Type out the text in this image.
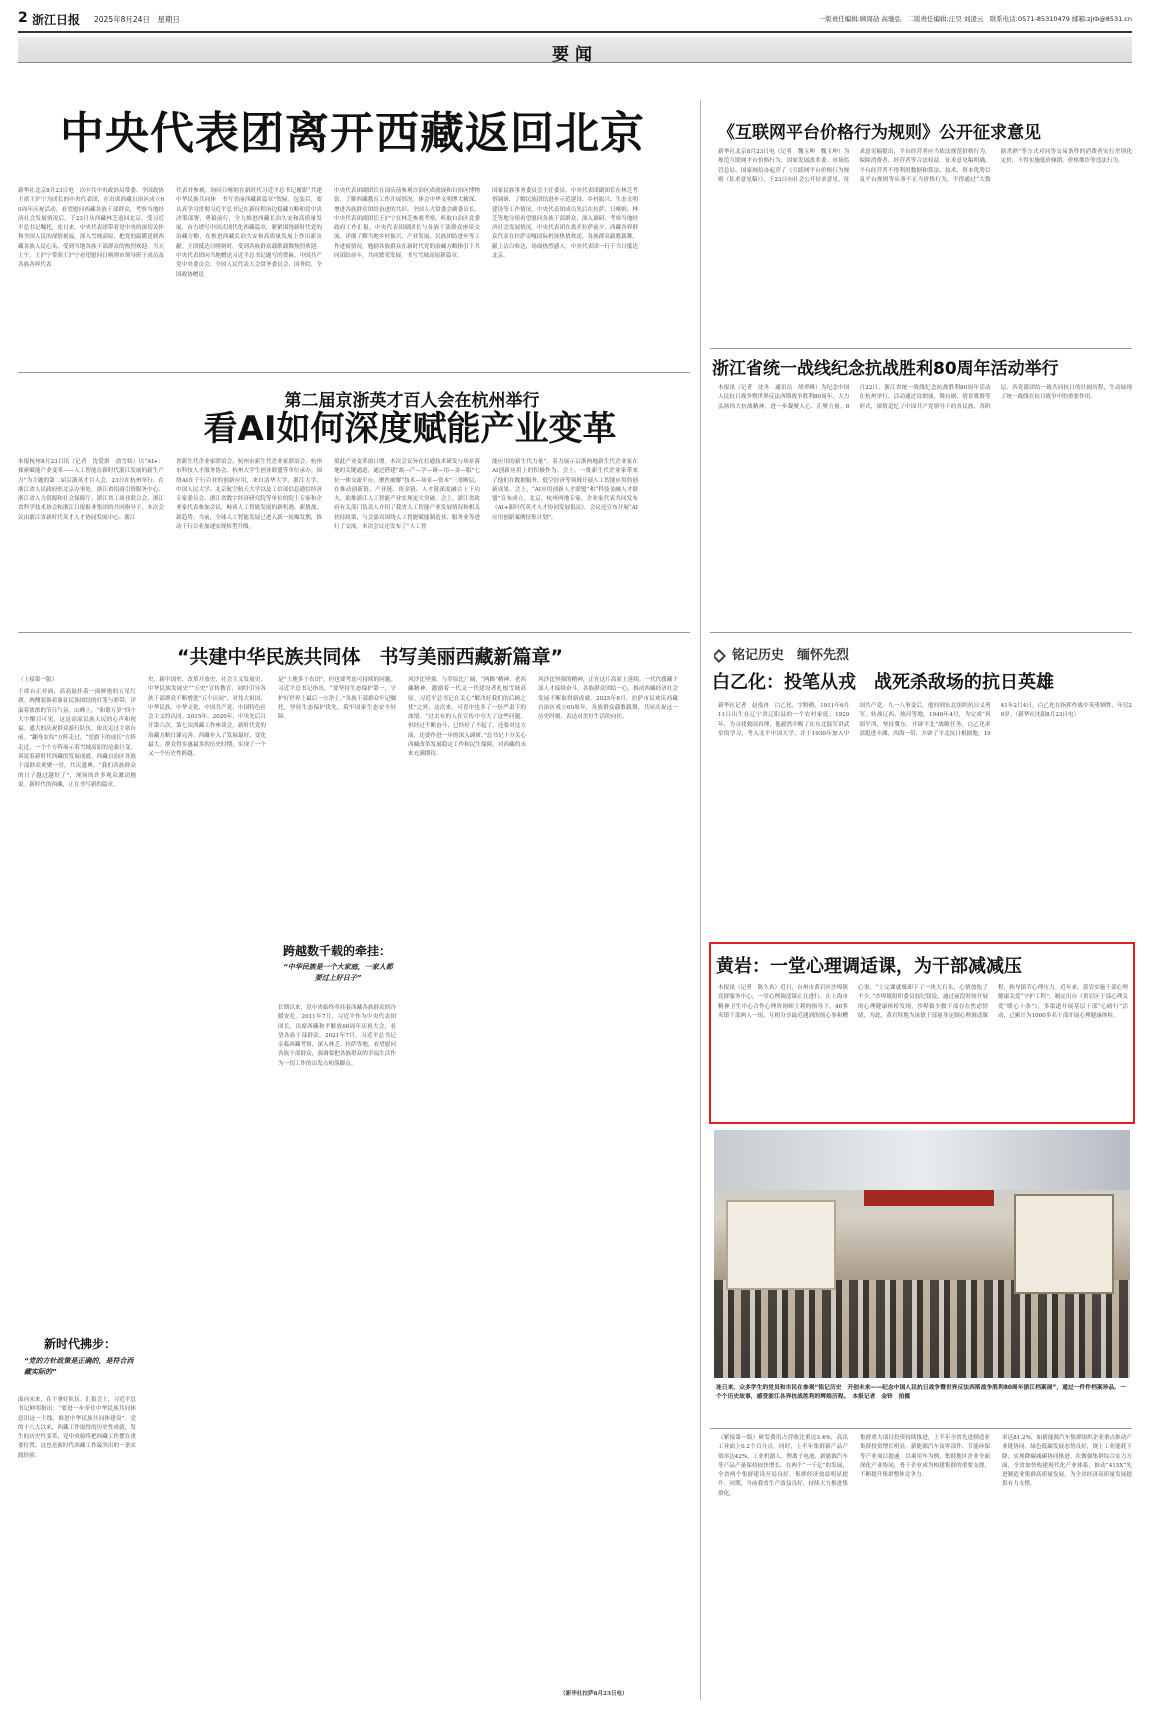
2 浙江日报 2025年8月24日　星期日	一版责任编辑:顾周劼 高驰弘　二版责任编辑:汪昊 刘凌云　联系电话:0571-85310479 邮箱:zjrb@8531.cn
要闻
中央代表团离开西藏返回北京
新华社北京8月23日电　以中共中央政治局常委、全国政协主席王沪宁为团长的中央代表团，在出席西藏自治区成立60周年庆祝活动，看望慰问西藏各族干部群众，考察当地经济社会发展情况后，于23日从西藏林芝返回北京。受习近平总书记嘱托，连日来，中央代表团带着党中央的深切关怀和全国人民的深情祝福，深入雪域高原，把党的温暖送到西藏各族人民心头，受到当地各族干部群众的热烈欢迎。当天上午，王沪宁带领王沪宁看望慰问日喀则市领导班子成员及各族各界代表
代表并参观，询问日喀则在新时代习近平总书记履职“共建中华民族共同体　书写美丽西藏新篇章”贺匾。包装后，要认真学习贯彻习近平总书记在新征程治边稳藏方略和党中央决策部署，勇毅前行，全力推进西藏长治久安和高质量发展，奋力谱写中国式现代化西藏篇章，紧紧围绕新时代党的治藏方略，在推进西藏长治久安和高质量发展上作出新贡献。主团抵达日喀则时，受到各族群众载歌载舞热烈欢迎。中央代表团向当地赠送习近平总书记题写的贺匾。中国共产党中央委员会、全国人民代表大会常务委员会、国务院、全国政协赠送
中央代表团副团长在国庆前参观自治区成就展和自治区博物馆。了解西藏教育工作开展情况。体会中华文明博大精深，增进各族群众团结奋进的共识。全国人大常委会副委员长、中央代表团副团长王沪宁在林芝参观考察，听取自治区党委政府工作汇报。中央代表团副团长与各族干部群众座谈交流。详细了解当地乡村振兴、产业发展、民族团结进步等工作进展情况，勉励各族群众在新时代党的治藏方略指引下共同团结奋斗，共同繁荣发展，书写雪域高原新篇章。
国家民族事务委员会主任委员、中央代表团副团长在林芝考察调研，了解民族团结进步示范建设、乡村振兴、生态文明建设等工作情况。中央代表团成员先后在拉萨、日喀则、林芝等地分组看望慰问各族干部群众，深入调研、考察当地经济社会发展情况。中央代表团在离开拉萨前夕，西藏各界群众代表在拉萨贡嘎国际机场热情欢送，各族群众载歌载舞，献上洁白哈达，场面热烈感人。中央代表团一行于当日抵达北京。
第二届京浙英才百人会在杭州举行
看AI如何深度赋能产业变革
本报杭州8月23日讯（记者　沈爱群　俞雪娇）以“AI+：探索赋能产业变革——人工智能在新时代浙江发展的新生产力”为主题的第二届京浙英才百人会，23日在杭州举行。在浙江省人民政府驻北京办事处、浙江省招商引资服务中心、浙江省人力资源和社会保障厅、浙江省工商业联合会、浙江省科学技术协会和浙江日报报业集团的共同指导下，本次会议由浙江省新时代英才人才协同发展中心、浙江
省新生代企业家联谊会、杭州市新生代企业家联谊会、杭州市科技人才服务协会、杭州大学生创业联盟等单位承办。围绕AI在千行百业的创新应用，来自清华大学、浙江大学、中国人民大学、北京航空航天大学以及工信部信息通信经济专家委员会、浙江省数字经济研究院等单位的院士专家和企业家代表参加会议，畅谈人工智能发展的新机遇、新挑战、新趋势。当前，全球人工智能发展已进入新一轮爆发期，推动千行百业加速实现转型升级。
值此产业变革窗口期，本次会议旨在打通技术研发与场景落地的关键通道，通过搭建“政—产—学—研—用—金—服”七位一体交流平台，聚焦破解“技术—场景—资本”三重断层，在推动创新链、产业链、资金链、人才链深度融合上下功夫，助推浙江人工智能产业实现更大突破。会上，浙江省政府有关部门负责人介绍了我省人工智能产业发展情况和相关扶持政策，与会嘉宾围绕人工智能赋能制造业、服务业等进行了交流。本次会议还发布了“人工智
能应用的新生代力量”。着力展示京浙两地新生代企业家在AI创新应用上的积极作为。会上，一批新生代企业家带来了他们在数据服务、低空经济等领域开展人工智能应用的创新成果。会上，“AI应用创新人才联盟”和“科技金融人才联盟”宣布成立。北京、杭州两地专家、企业家代表共同发布《AI+新时代英才人才协同发展倡议》。会议还宣布开展“AI应用创新案例征集计划”。
“共建中华民族共同体　书写美丽西藏新篇章”
（上接第一版）
主席台正对面，高高悬挂着一面鲜艳的五星红旗。两侧装饰着象征民族团结的灯笼与彩带，洋溢着浓浓的节日气氛。山峰上，“和谐万岁”四个大字醒目可见，这是高原民族人民的心声和祝福。盛大的庆祝群众游行队伍，依次走过主席台前。“翻身农奴”方阵走过，“党旗下的成长”方阵走过，一个个方阵展示着雪域高原的沧桑巨变，诉说着新时代西藏的发展成就。西藏自治区各族干部群众欢聚一堂，共庆盛典。“我们各族群众的日子越过越好了”，现场的许多观众激动地说。新时代的西藏，正在书写新的篇章。
史、新中国史、改革开放史、社会主义发展史、中华民族发展史”“五史”宣传教育，同时引导各族干部群众不断增进“五个认同”，对伟大祖国、中华民族、中华文化、中国共产党、中国特色社会主义的认同。2015年、2020年，中央先后召开第六次、第七次西藏工作座谈会，新时代党的治藏方略日臻完善。西藏步入了发展最好、变化最大、群众得实惠最多的历史时期，实现了一个又一个历史性跨越。
是“土地多于农田”，但也要考虑可持续的问题。习近平总书记指出，“要坚持生态保护第一，守护好世界上最后一方净土。”各族干部群众牢记嘱托，坚持生态保护优先，筑牢国家生态安全屏障。
跨越数千载的牵挂：
“中华民族是一个大家庭，一家人都要过上好日子”
长期以来，党中央始终牵挂着西藏各族群众的冷暖安危。2011年7月，习近平作为中央代表团团长，出席西藏和平解放60周年庆祝大会，看望各族干部群众。2021年7月，习近平总书记亲临西藏考察，深入林芝、拉萨等地，看望慰问各族干部群众，强调要把各族群众的幸福生活作为一切工作的出发点和落脚点。
风沙比坚强，与草原比广阔，“两路”精神、老西藏精神，激励着一代又一代建设者扎根雪域高原。习近平总书记在关心“解决好我们的后顾之忧”之外，这次来，可喜中也多了一份严肃下的深情。“过去有的人在宣传中夸大了这些问题，但经过不断奋斗，已经好了不起了，还要对这方面，还要作进一步的深入调研。”总书记十分关心西藏改革发展稳定工作和民生保障，对西藏的未来充满期待。
风沙比坚强的精神，正在这片高原上延续。一代代援藏干部人才接续奋斗，各族群众团结一心，推动西藏经济社会发展不断取得新成就。2025年8月，拉萨市民欢庆西藏自治区成立60周年，各族群众载歌载舞，共同庆祝这一历史时刻，表达对美好生活的向往。
新时代拂步：
“党的方针政策是正确的，是符合西藏实际的”
面向未来，在于拿好队伍。汇报会上，习近平总书记鲜明指出：“要进一步牵住中华民族共同体意识这一主线，推进中华民族共同体建设”。党的十八大以来，西藏工作取得的历史性成就，发生的历史性变革，党中央始终把西藏工作摆在重要位置。这也是新时代西藏工作最突出的一条实践经验。
（新华社拉萨8月23日电）
《互联网平台价格行为规则》公开征求意见
新华社北京8月23日电（记者　魏玉坤　魏玉坤）为规范互联网平台价格行为，国家发展改革委、市场监管总局、国家网信办起草了《互联网平台价格行为规则（征求意见稿）》，于23日向社会公开征求意见。征求意见稿提出，平台经营者应当依法规范价格行为，保障消费者、经营者等合法权益。征求意见稿明确，平台经营者不得利用数据和算法、技术、资本优势以及平台规则等从事不正当价格行为，不得通过“大数据杀熟”等方式对同等交易条件的消费者实行差别化定价，不得实施低价倾销、价格欺诈等违法行为。
浙江省统一战线纪念抗战胜利80周年活动举行
本报讯（记者　沈冬　通讯员　胡翠峰）为纪念中国人民抗日战争暨世界反法西斯战争胜利80周年，大力弘扬伟大抗战精神，进一步凝聚人心、汇聚力量，8月22日，浙江省统一战线纪念抗战胜利80周年活动在杭州举行。活动通过诗朗诵、舞台剧、情景歌舞等形式，深情追忆了中国共产党领导下的各民族、各阶层、各党派团结一致共同抗日的壮阔历程，生动展现了统一战线在抗日战争中的重要作用。
铭记历史　缅怀先烈
白乙化：投笔从戎　战死杀敌场的抗日英雄
新华社记者　赵泓冉　白乙化，字野鹤，1911年6月11日出生在辽宁省辽阳县的一个农村家庭。1929年，为寻找救国真理，他毅然中断了在东北陆军讲武堂的学习，考入北平中国大学，并于1930年加入中国共产党。九一八事变后，他回到东北组织抗日义勇军，转战辽西、热河等地。1940年4月，为完成“巩固平西，坚持冀东，开辟平北”战略任务，白乙化率部挺进丰滩、四海一带，开辟了平北抗日根据地。1941年2月4日，白乙化在指挥作战中英勇牺牲，年仅29岁。（新华社沈阳8月23日电）
黄岩：一堂心理调适课，为干部减减压
本报讯（记者　陈久名）近日，台州市黄岩区沙埠镇党群服务中心，一堂心理调适课正在进行。在上海市精神卫生中心合作心理咨询师王莉的指导下，40多名镇干部两人一组，互相分享最近遇到的烦心事和糟心事。“上完课就像卸下了一块大石头，心情放松了不少。”沙埠镇组织委员翁纪钗说。通过前段时间开展的心理健康体检发现，沙埠镇少数干部存在焦虑情绪，为此，黄岩特地为该镇干部量身定制心理调适课程，指导镇节心理压力。近年来，黄岩实施干部心理健康关爱“守护工程”，制定出台《黄岩区干部心理关爱“暖心十条”》，多渠道开展基层干部“心晴行”活动，已累计为1000多名干部开展心理健康体检。
连日来，众多学生的党员和市民在参观“铭记历史　开创未来——纪念中国人民抗日战争暨世界反法西斯战争胜利80周年浙江档案展”，通过一件件档案珍品、一个个历史故事，感受浙江各界抗战胜利的辉煌历程。　本报记者　金铃　拍摄
（紧接第一版）研发费用占营收比重达3.4%，高出工业面上0.2个百分点。同时，上半年集群新产品产值率达42%。工业机器人、锂离子电池、新能源汽车等产品产量保持较快增长。在两个“一千亿”的发展，全省两个集群建设开局良好，集群经济效益明显提升。同期，当前我省生产效益良好，持续大力推进集群化。
集群重大项目投资持续推进，上半年全省先进制造业集群投资增长明显。新能源汽车及零部件、节能环保等产业项目提速。以乘用车为例，集群地区企业全面深化产业协同，骨干企业成为构建集群的重要支撑，不断提升集群整体竞争力。
率达81.2%，如新能源汽车集群组织企业重点推动产业链协同，绿色低碳发展态势良好，规上工业能耗下降，实现降碳减碳协同推进。在做强集群综合实力方面，全省加快构建现代化产业体系，推动“415X”先进制造业集群高质量发展，为全省经济高质量发展提供有力支撑。
